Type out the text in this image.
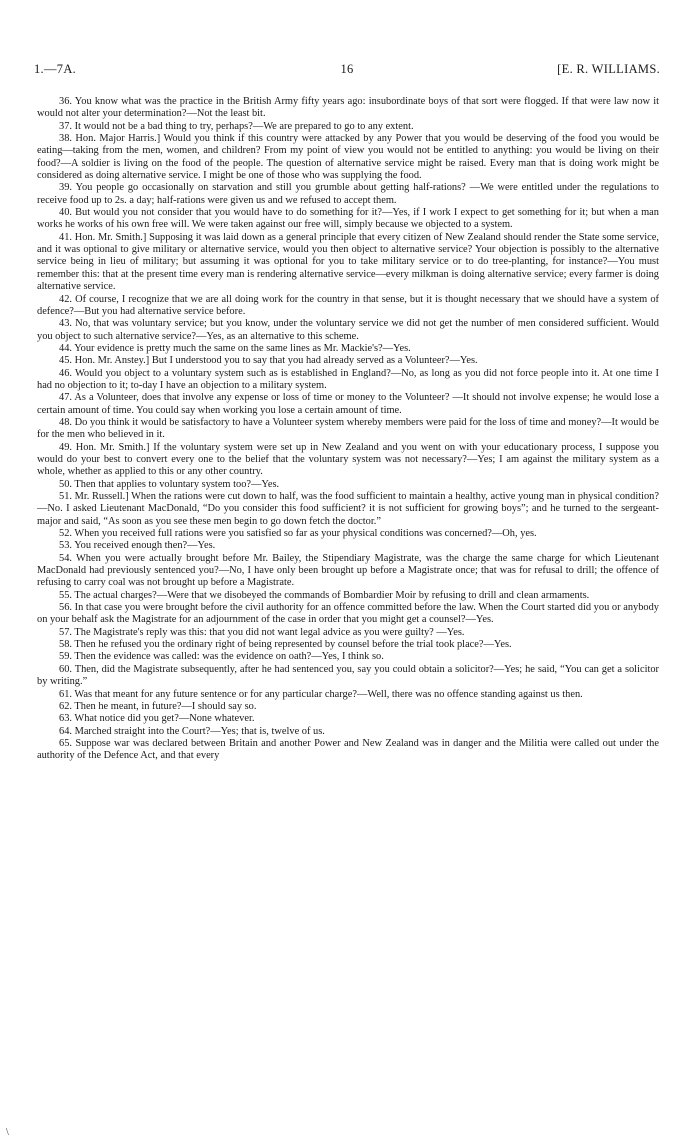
1.—7A.	16	[E. R. WILLIAMS.

36. You know what was the practice in the British Army fifty years ago: insubordinate boys of that sort were flogged. If that were law now it would not alter your determination?—Not the least bit.

37. It would not be a bad thing to try, perhaps?—We are prepared to go to any extent.

38. Hon. Major Harris.] Would you think if this country were attacked by any Power that you would be deserving of the food you would be eating—taking from the men, women, and children? From my point of view you would not be entitled to anything: you would be living on their food?—A soldier is living on the food of the people. The question of alternative service might be raised. Every man that is doing work might be considered as doing alternative service. I might be one of those who was supplying the food.

39. You people go occasionally on starvation and still you grumble about getting half-rations? —We were entitled under the regulations to receive food up to 2s. a day; half-rations were given us and we refused to accept them.

40. But would you not consider that you would have to do something for it?—Yes, if I work I expect to get something for it; but when a man works he works of his own free will. We were taken against our free will, simply because we objected to a system.

41. Hon. Mr. Smith.] Supposing it was laid down as a general principle that every citizen of New Zealand should render the State some service, and it was optional to give military or alternative service, would you then object to alternative service? Your objection is possibly to the alternative service being in lieu of military; but assuming it was optional for you to take military service or to do tree-planting, for instance?—You must remember this: that at the present time every man is rendering alternative service—every milkman is doing alternative service; every farmer is doing alternative service.

42. Of course, I recognize that we are all doing work for the country in that sense, but it is thought necessary that we should have a system of defence?—But you had alternative service before.

43. No, that was voluntary service; but you know, under the voluntary service we did not get the number of men considered sufficient. Would you object to such alternative service?—Yes, as an alternative to this scheme.

44. Your evidence is pretty much the same on the same lines as Mr. Mackie's?—Yes.

45. Hon. Mr. Anstey.] But I understood you to say that you had already served as a Volunteer?—Yes.

46. Would you object to a voluntary system such as is established in England?—No, as long as you did not force people into it. At one time I had no objection to it; to-day I have an objection to a military system.

47. As a Volunteer, does that involve any expense or loss of time or money to the Volunteer? —It should not involve expense; he would lose a certain amount of time. You could say when working you lose a certain amount of time.

48. Do you think it would be satisfactory to have a Volunteer system whereby members were paid for the loss of time and money?—It would be for the men who believed in it.

49. Hon. Mr. Smith.] If the voluntary system were set up in New Zealand and you went on with your educationary process, I suppose you would do your best to convert every one to the belief that the voluntary system was not necessary?—Yes; I am against the military system as a whole, whether as applied to this or any other country.

50. Then that applies to voluntary system too?—Yes.

51. Mr. Russell.] When the rations were cut down to half, was the food sufficient to maintain a healthy, active young man in physical condition?—No. I asked Lieutenant MacDonald, “Do you consider this food sufficient? it is not sufficient for growing boys”; and he turned to the sergeant-major and said, “As soon as you see these men begin to go down fetch the doctor.”

52. When you received full rations were you satisfied so far as your physical conditions was concerned?—Oh, yes.

53. You received enough then?—Yes.

54. When you were actually brought before Mr. Bailey, the Stipendiary Magistrate, was the charge the same charge for which Lieutenant MacDonald had previously sentenced you?—No, I have only been brought up before a Magistrate once; that was for refusal to drill; the offence of refusing to carry coal was not brought up before a Magistrate.

55. The actual charges?—Were that we disobeyed the commands of Bombardier Moir by refusing to drill and clean armaments.

56. In that case you were brought before the civil authority for an offence committed before the law. When the Court started did you or anybody on your behalf ask the Magistrate for an adjournment of the case in order that you might get a counsel?—Yes.

57. The Magistrate's reply was this: that you did not want legal advice as you were guilty? —Yes.

58. Then he refused you the ordinary right of being represented by counsel before the trial took place?—Yes.

59. Then the evidence was called: was the evidence on oath?—Yes, I think so.

60. Then, did the Magistrate subsequently, after he had sentenced you, say you could obtain a solicitor?—Yes; he said, “You can get a solicitor by writing.”

61. Was that meant for any future sentence or for any particular charge?—Well, there was no offence standing against us then.

62. Then he meant, in future?—I should say so.

63. What notice did you get?—None whatever.

64. Marched straight into the Court?—Yes; that is, twelve of us.

65. Suppose war was declared between Britain and another Power and New Zealand was in danger and the Militia were called out under the authority of the Defence Act, and that every

\
